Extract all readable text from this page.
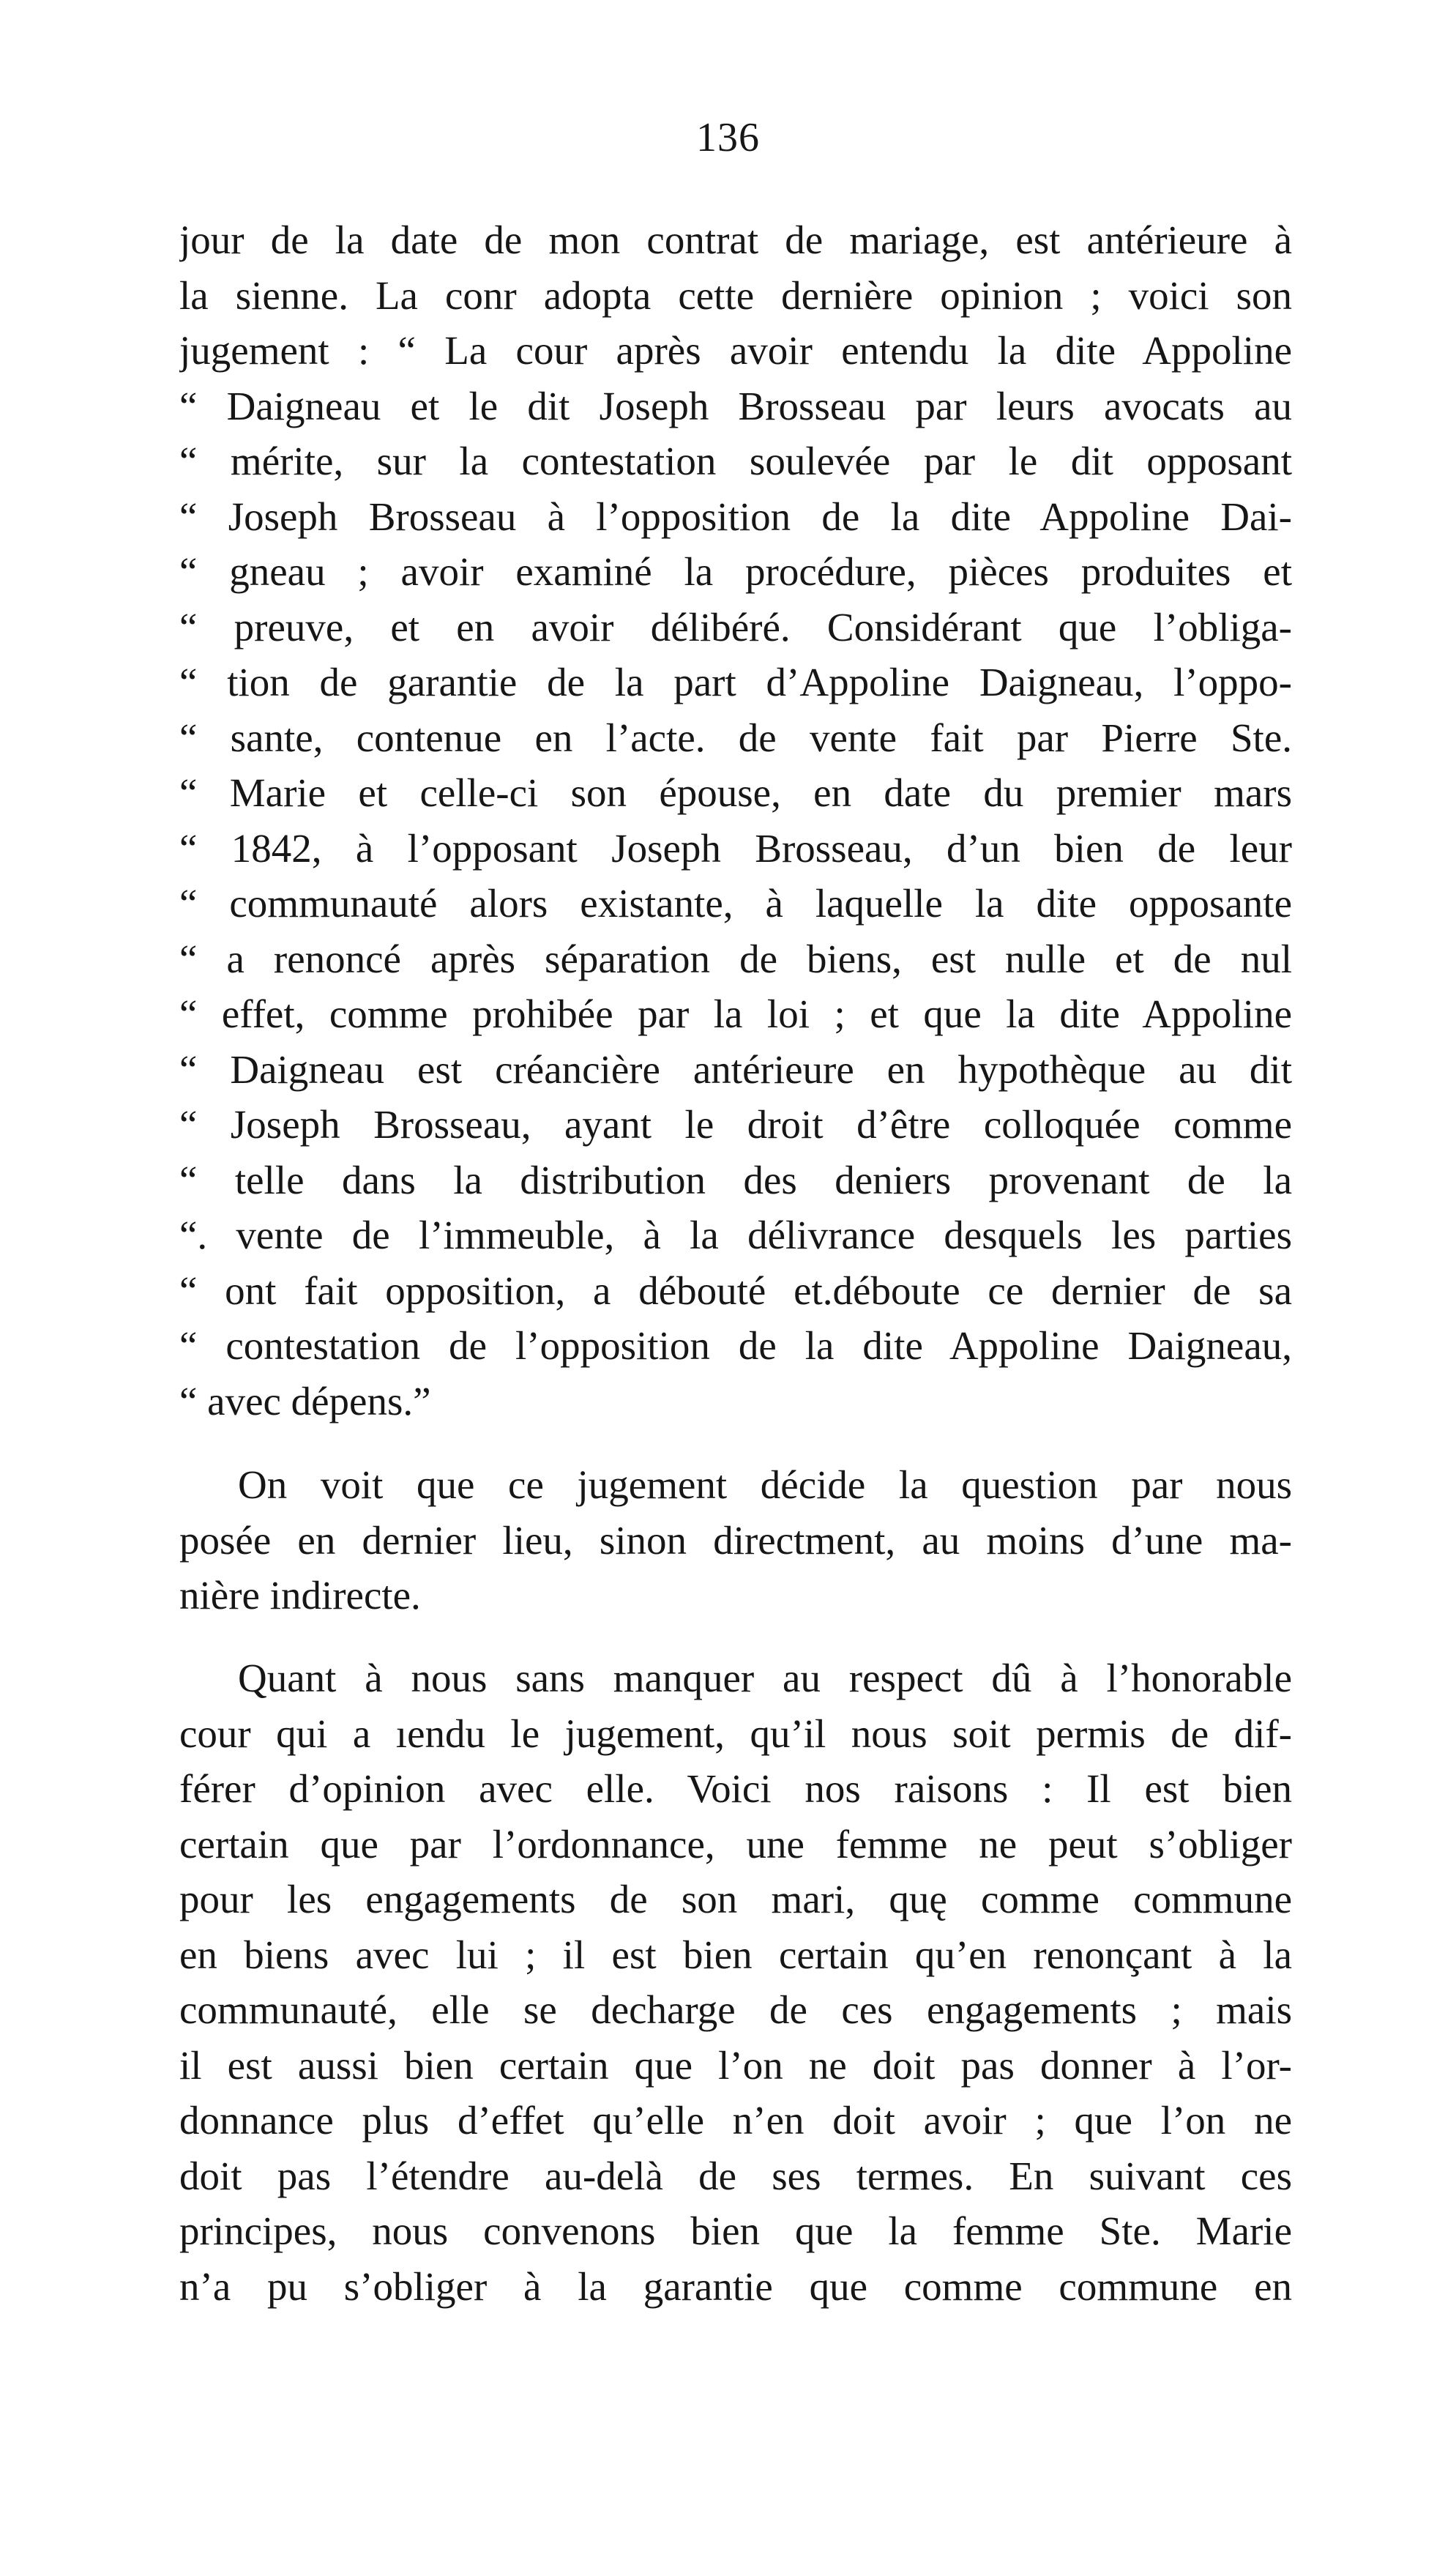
136

jour de la date de mon contrat de mariage, est antérieure à
la sienne. La conr adopta cette dernière opinion ; voici son
jugement : “ La cour après avoir entendu la dite Appoline
“ Daigneau et le dit Joseph Brosseau par leurs avocats au
“ mérite, sur la contestation soulevée par le dit opposant
“ Joseph Brosseau à l’opposition de la dite Appoline Dai-
“ gneau ; avoir examiné la procédure, pièces produites et
“ preuve, et en avoir délibéré. Considérant que l’obliga-
“ tion de garantie de la part d’Appoline Daigneau, l’oppo-
“ sante, contenue en l’acte. de vente fait par Pierre Ste.
“ Marie et celle-ci son épouse, en date du premier mars
“ 1842, à l’opposant Joseph Brosseau, d’un bien de leur
“ communauté alors existante, à laquelle la dite opposante
“ a renoncé après séparation de biens, est nulle et de nul
“ effet, comme prohibée par la loi ; et que la dite Appoline
“ Daigneau est créancière antérieure en hypothèque au dit
“ Joseph Brosseau, ayant le droit d’être colloquée comme
“ telle dans la distribution des deniers provenant de la
“. vente de l’immeuble, à la délivrance desquels les parties
“ ont fait opposition, a débouté et.déboute ce dernier de sa
“ contestation de l’opposition de la dite Appoline Daigneau,
“ avec dépens.”

On voit que ce jugement décide la question par nous
posée en dernier lieu, sinon directment, au moins d’une ma-
nière indirecte.

Quant à nous sans manquer au respect dû à l’honorable
cour qui a ıendu le jugement, qu’il nous soit permis de dif-
férer d’opinion avec elle. Voici nos raisons : Il est bien
certain que par l’ordonnance, une femme ne peut s’obliger
pour les engagements de son mari, quę comme commune
en biens avec lui ; il est bien certain qu’en renonçant à la
communauté, elle se decharge de ces engagements ; mais
il est aussi bien certain que l’on ne doit pas donner à l’or-
donnance plus d’effet qu’elle n’en doit avoir ; que l’on ne
doit pas l’étendre au-delà de ses termes. En suivant ces
principes, nous convenons bien que la femme Ste. Marie
n’a pu s’obliger à la garantie que comme commune en
